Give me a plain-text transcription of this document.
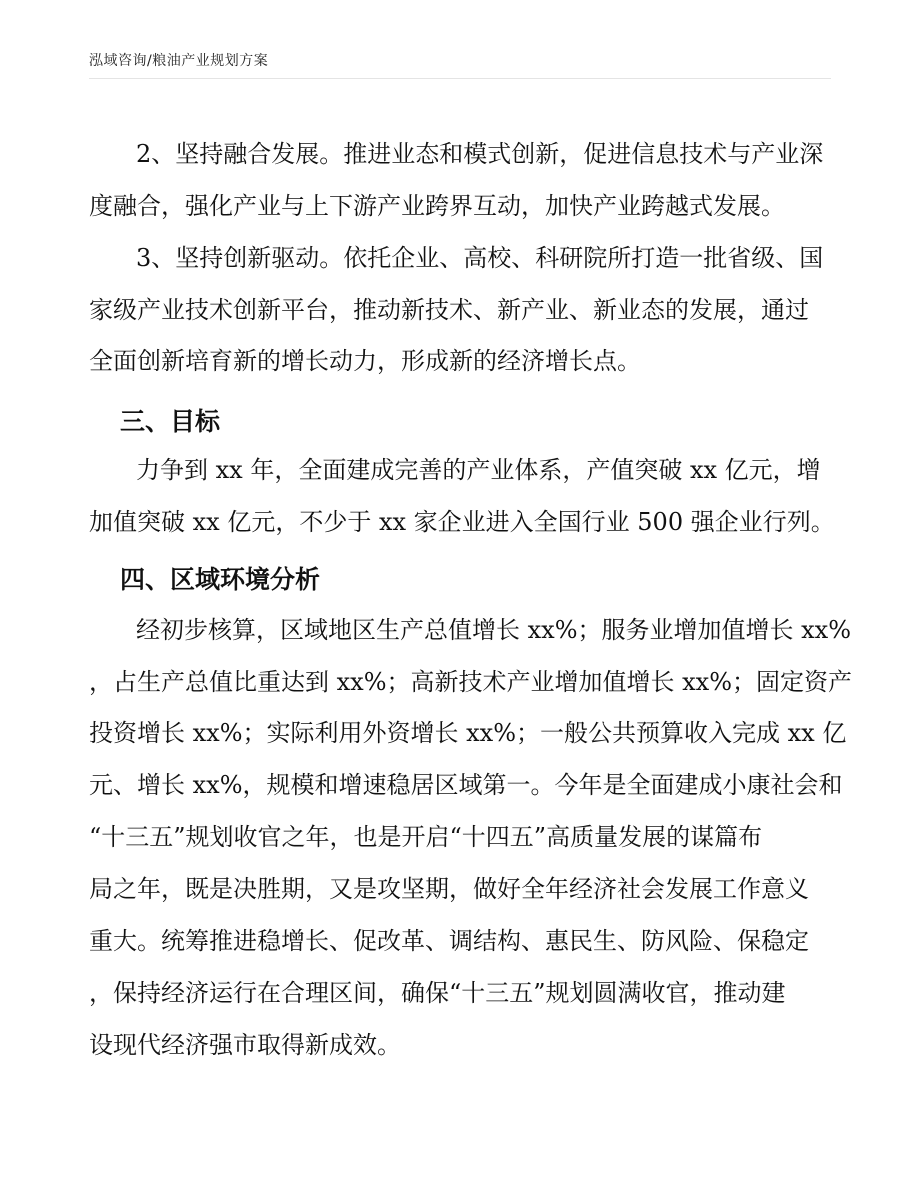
泓域咨询/粮油产业规划方案
2、坚持融合发展。推进业态和模式创新，促进信息技术与产业深
度融合，强化产业与上下游产业跨界互动，加快产业跨越式发展。
3、坚持创新驱动。依托企业、高校、科研院所打造一批省级、国
家级产业技术创新平台，推动新技术、新产业、新业态的发展，通过
全面创新培育新的增长动力，形成新的经济增长点。
三、目标
力争到 xx 年，全面建成完善的产业体系，产值突破 xx 亿元，增
加值突破 xx 亿元，不少于 xx 家企业进入全国行业 500 强企业行列。
四、区域环境分析
经初步核算，区域地区生产总值增长 xx%；服务业增加值增长 xx%
，占生产总值比重达到 xx%；高新技术产业增加值增长 xx%；固定资产
投资增长 xx%；实际利用外资增长 xx%；一般公共预算收入完成 xx 亿
元、增长 xx%，规模和增速稳居区域第一。今年是全面建成小康社会和
“十三五”规划收官之年，也是开启“十四五”高质量发展的谋篇布
局之年，既是决胜期，又是攻坚期，做好全年经济社会发展工作意义
重大。统筹推进稳增长、促改革、调结构、惠民生、防风险、保稳定
，保持经济运行在合理区间，确保“十三五”规划圆满收官，推动建
设现代经济强市取得新成效。
